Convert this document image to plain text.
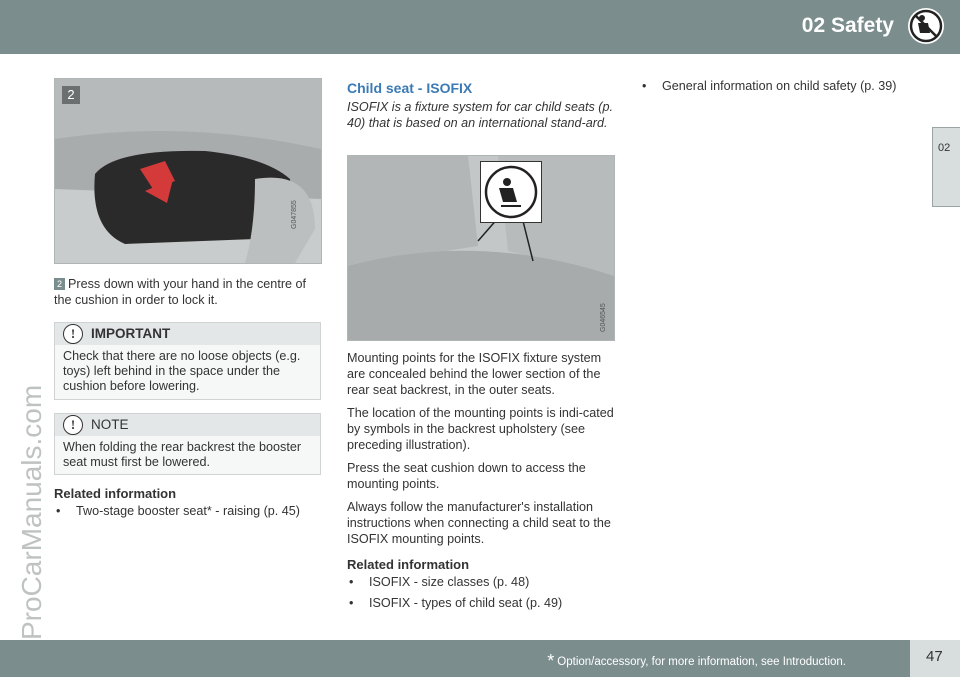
02 Safety
02
ProCarManuals.com
2
G047855
2 Press down with your hand in the centre of the cushion in order to lock it.
!	IMPORTANT
Check that there are no loose objects (e.g. toys) left behind in the space under the cushion before lowering.
!	NOTE
When folding the rear backrest the booster seat must first be lowered.
Related information
• Two-stage booster seat* - raising (p. 45)
Child seat - ISOFIX

ISOFIX is a fixture system for car child seats (p. 40) that is based on an international stand-ard.

G046545

Mounting points for the ISOFIX fixture system are concealed behind the lower section of the rear seat backrest, in the outer seats.

The location of the mounting points is indi-cated by symbols in the backrest upholstery (see preceding illustration).

Press the seat cushion down to access the mounting points.

Always follow the manufacturer's installation instructions when connecting a child seat to the ISOFIX mounting points.

Related information
• ISOFIX - size classes (p. 48)
• ISOFIX - types of child seat (p. 49)
• General information on child safety (p. 39)
* Option/accessory, for more information, see Introduction.	47
